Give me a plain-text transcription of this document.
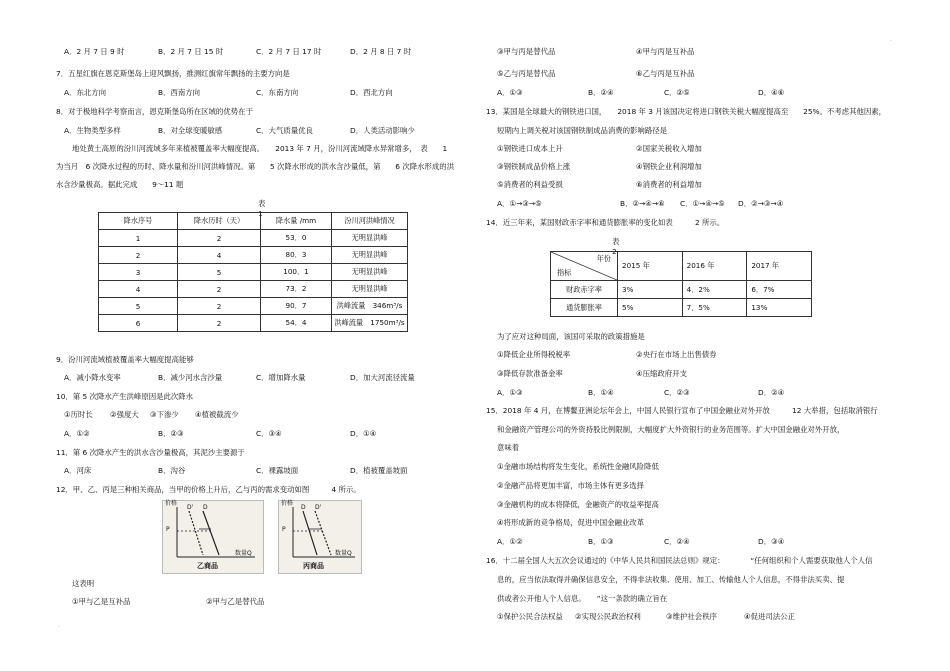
A．2 月 7 日 9 时	B．2 月 7 日 15 时	C．2 月 7 日 17 时	D．2 月 8 日 7 时
7．五星红旗在恩克斯堡岛上迎风飘扬，推测红旗常年飘扬的主要方向是
A．东北方向	B．西南方向	C．东南方向	D．西北方向
8．对于极地科学考察而言，恩克斯堡岛所在区域的优势在于
A．生物类型多样	B．对全球变暖敏感	C．大气质量优良	D．人类活动影响少
地处黄土高原的汾川河流域多年来植被覆盖率大幅度提高。　　2013 年 7 月，汾川河流域降水异常增多，　表　　1
为当月　6 次降水过程的历时、降水量和汾川河洪峰情况。第　　5 次降水形成的洪水含沙量低，第　　6 次降水形成的洪
水含沙量极高。据此完成　　9～11 题
表 1
降水序号	降水历时（天）	降水量 /mm	汾川河洪峰情况
1	2	53．0	无明显洪峰
2	4	80．3	无明显洪峰
3	5	100．1	无明显洪峰
4	2	73．2	无明显洪峰
5	2	90．7	洪峰流量　346m³/s
6	2	54．4	洪峰流量　1750m³/s
9．汾川河流域植被覆盖率大幅度提高能够
A．减小降水变率	B．减少河水含沙量	C．增加降水量	D．加大河流径流量
10．第 5 次降水产生洪峰原因是此次降水
①历时长 ②强度大 ③下渗少 ④植被截流少
A．①②	B．②③	C．③④	D．①④
11．第 6 次降水产生的洪水含沙量极高，其泥沙主要源于
A．河床	B．沟谷	C．裸露坡面	D．植被覆盖坡面
12．甲、乙、丙是三种相关商品，当甲的价格上升后，乙与丙的需求变动如图　　　4 所示。
价格
P
D' D
数量Q
乙商品
价格
P
D D'
数量Q
丙商品
这表明
①甲与乙是互补品	②甲与乙是替代品
③甲与丙是替代品	④甲与丙是互补品
⑤乙与丙是替代品	⑥乙与丙是互补品
A．①③	B．②④	C．②⑤	D．④⑥
13．某国是全球最大的钢铁进口国，　　2018 年 3 月该国决定将进口钢铁关税大幅度提高至　　25%。不考虑其他因素，
短期内上调关税对该国钢铁制成品消费的影响路径是
①钢铁进口成本上升	②国家关税收入增加
③钢铁制成品价格上涨	④钢铁企业利润增加
⑤消费者的利益受损	⑥消费者的利益增加
A．①→③→⑤	B．②→④→⑥ C．①→④→⑤ D．②→③→④
14．近三年来，某国财政赤字率和通货膨胀率的变化如表　　　2 所示。
表 2
年份
指标	2015 年	2016 年	2017 年
财政赤字率	3%	4．2%	6．7%
通货膨胀率	5%	7．5%	13%
为了应对这种局面，该国可采取的政策措施是
①降低企业所得税税率	②央行在市场上出售债券
③降低存款准备金率	④压缩政府开支
A．①③	B．①④	C．②③	D．②④
15．2018 年 4 月，在博鳌亚洲论坛年会上，中国人民银行宣布了中国金融业对外开放　　　12 大举措，包括取消银行
和金融资产管理公司的外资持股比例限制，大幅度扩大外资银行的业务范围等。扩大中国金融业对外开放，
意味着
①金融市场结构将发生变化，系统性金融风险降低
②金融产品将更加丰富，市场主体有更多选择
③金融机构的成本将降低，金融资产的收益率提高
④将形成新的竞争格局，促进中国金融业改革
A．①②	B．①③	C．②④	D．③④
16．十二届全国人大五次会议通过的《中华人民共和国民法总则》规定：　　　　“任何组织和个人需要获取他人个人信
息的，应当依法取得并确保信息安全，不得非法收集、使用、加工、传输他人个人信息，不得非法买卖、提
供或者公开他人个人信息。　　”这一条款的确立旨在
①保护公民合法权益 ②实现公民政治权利	③维护社会秩序	④促进司法公正
.
.
